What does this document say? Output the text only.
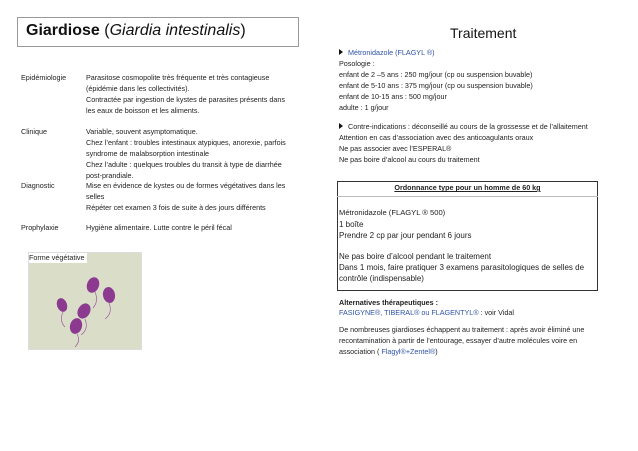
Giardiose (Giardia intestinalis)	Traitement
Epidémiologie	Parasitose cosmopolite très fréquente et très contagieuse
(épidémie dans les collectivités).
Contractée par ingestion de kystes de parasites présents dans
les eaux de boisson et les aliments.
Clinique	Variable, souvent asymptomatique.
Chez l’enfant : troubles intestinaux atypiques, anorexie, parfois
syndrome de malabsorption intestinale
Chez l’adulte : quelques troubles du transit à type de diarrhée
post-prandiale.
Diagnostic	Mise en évidence de kystes ou de formes végétatives dans les
selles
Répéter cet examen 3 fois de suite à des jours différents
Prophylaxie	Hygiène alimentaire. Lutte contre le péril fécal
Forme végétative
Métronidazole (FLAGYL ®)
Posologie :
enfant de 2 –5 ans : 250 mg/jour (cp ou suspension buvable)
enfant de 5-10 ans : 375 mg/jour (cp ou suspension buvable)
enfant de 10-15 ans : 500 mg/jour
adulte : 1 g/jour
Contre-indications : déconseillé au cours de la grossesse et de l’allaitement
Attention en cas d’association avec des anticoagulants oraux
Ne pas associer avec l’ESPERAL®
Ne pas boire d’alcool au cours du traitement
Ordonnance type pour un homme de 60 kg
Métronidazole (FLAGYL ® 500)
1 boîte
Prendre 2 cp par jour pendant 6 jours
Ne pas boire d’alcool pendant le traitement
Dans 1 mois, faire pratiquer 3 examens parasitologiques de selles de
contrôle (indispensable)
Alternatives thérapeutiques :
FASIGYNE®, TIBERAL® ou FLAGENTYL® : voir Vidal
De nombreuses giardioses échappent au traitement : après avoir éliminé une
recontamination à partir de l’entourage, essayer d’autre molécules voire en
association ( Flagyl®+Zentel®)
